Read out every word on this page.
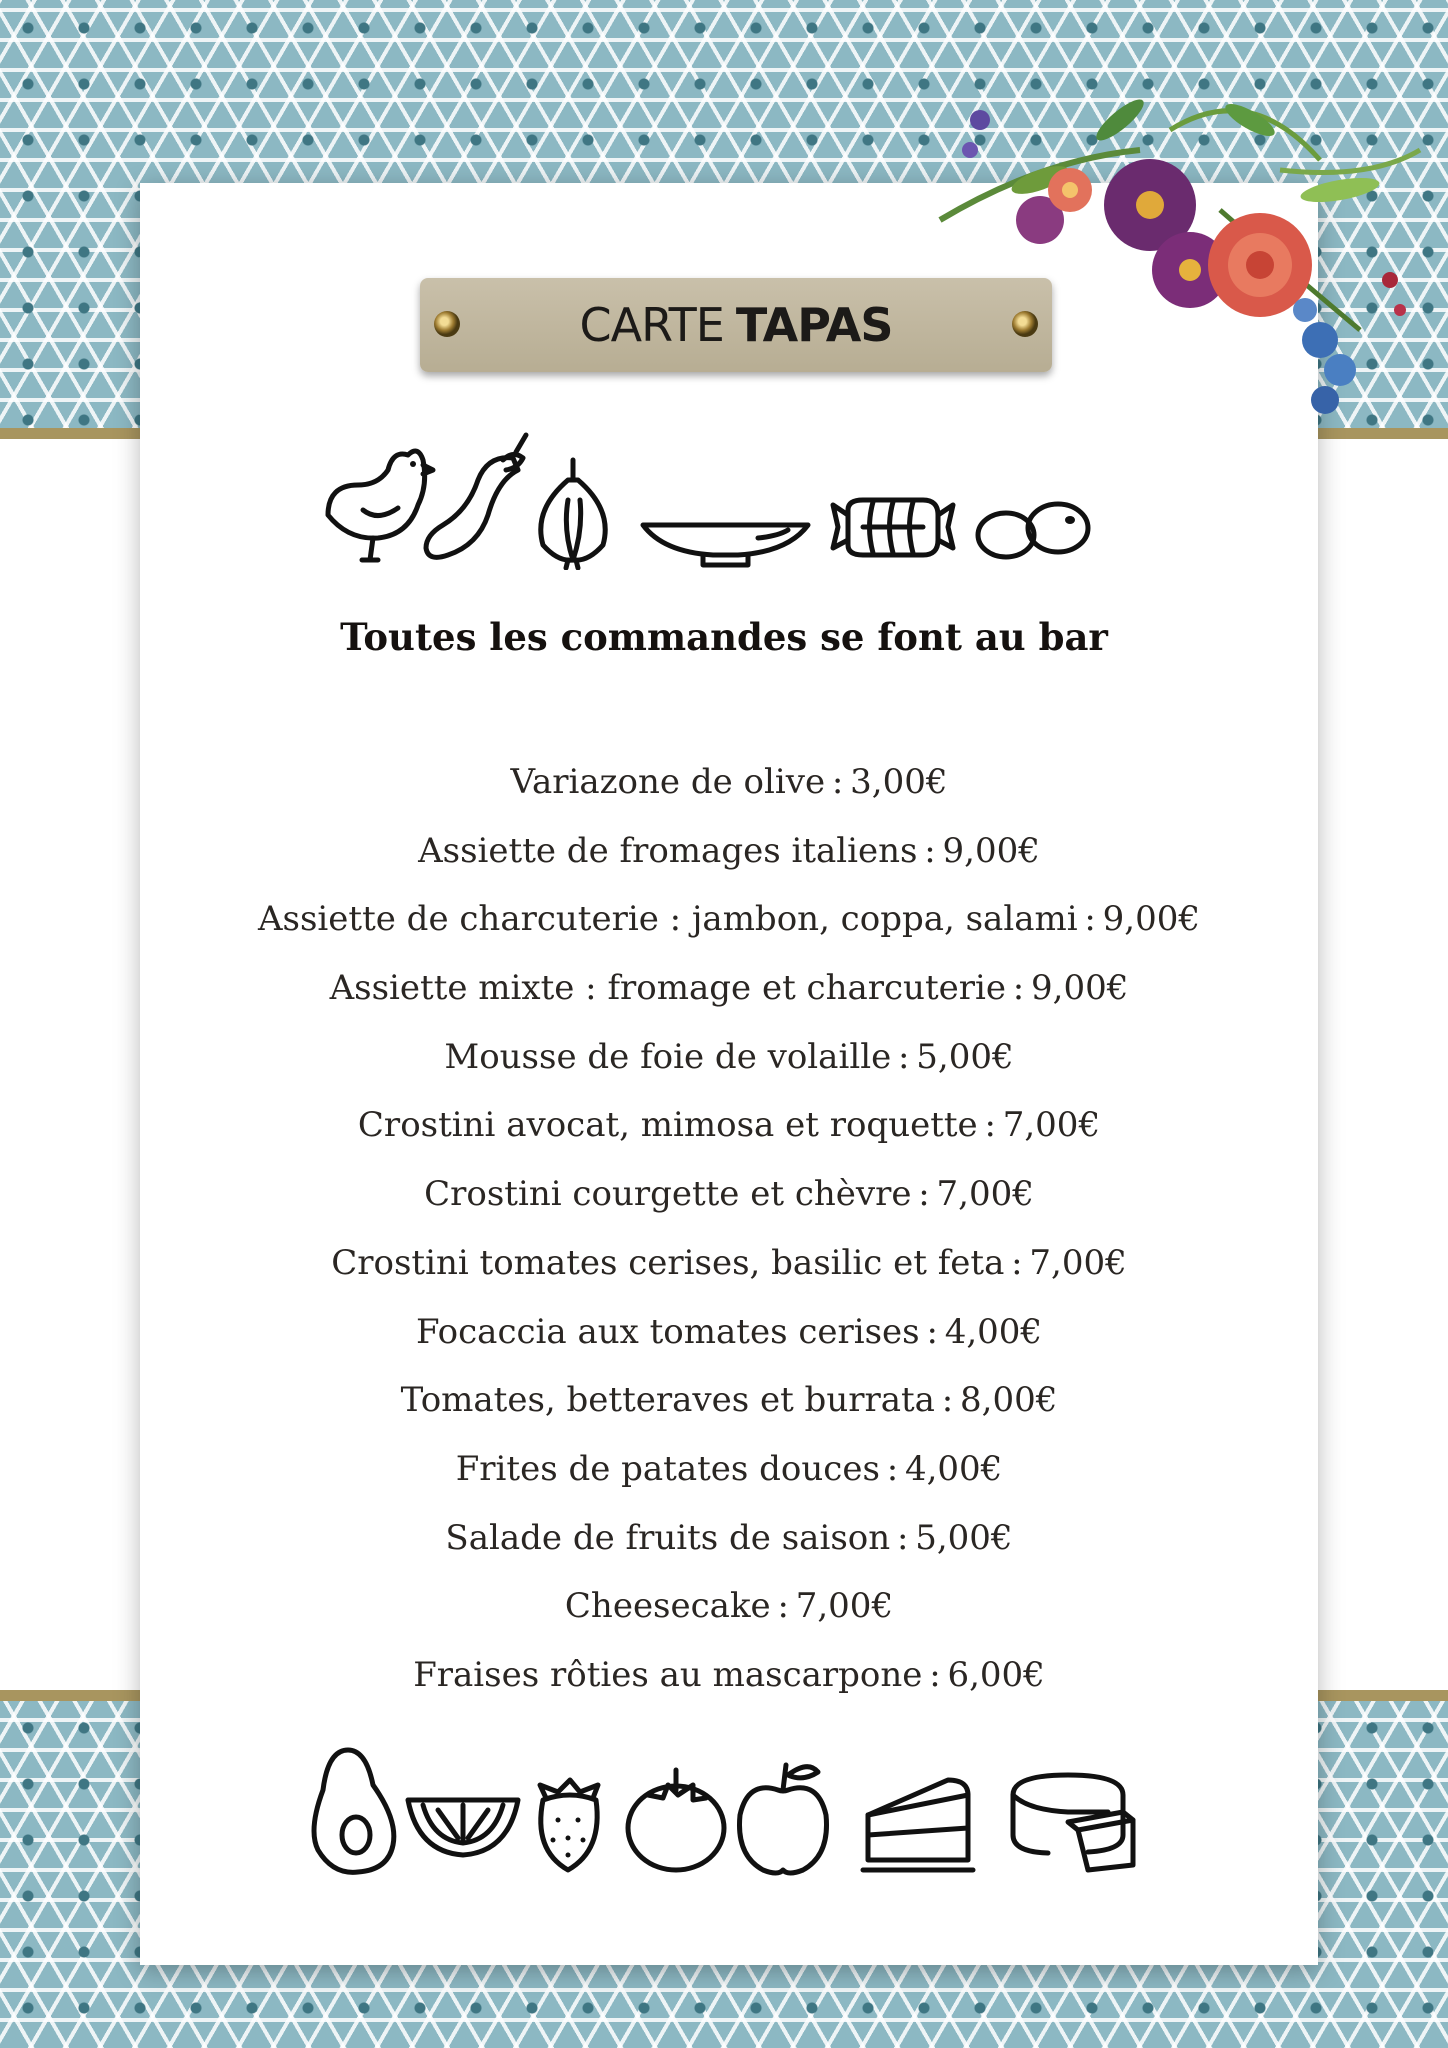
CARTE TAPAS
Toutes les commandes se font au bar
Variazone de olive : 3,00€
Assiette de fromages italiens : 9,00€
Assiette de charcuterie : jambon, coppa, salami : 9,00€
Assiette mixte : fromage et charcuterie : 9,00€
Mousse de foie de volaille : 5,00€
Crostini avocat, mimosa et roquette : 7,00€
Crostini courgette et chèvre : 7,00€
Crostini tomates cerises, basilic et feta : 7,00€
Focaccia aux tomates cerises : 4,00€
Tomates, betteraves et burrata : 8,00€
Frites de patates douces : 4,00€
Salade de fruits de saison : 5,00€
Cheesecake : 7,00€
Fraises rôties au mascarpone : 6,00€
